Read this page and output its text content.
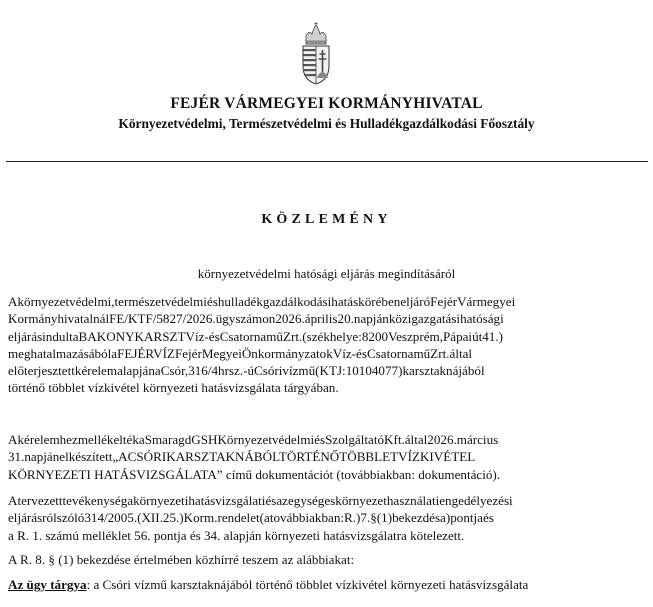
FEJÉR VÁRMEGYEI KORMÁNYHIVATAL
Környezetvédelmi, Természetvédelmi és Hulladékgazdálkodási Főosztály
KÖZLEMÉNY
környezetvédelmi hatósági eljárás megindításáról
Akörnyezetvédelmi,természetvédelmiéshulladékgazdálkodásihatáskörébeneljáróFejérVármegyei
KormányhivatalnálFE/KTF/5827/2026.ügyszámon2026.április20.napjánközigazgatásihatósági
eljárásindultaBAKONYKARSZTVíz-ésCsatornaműZrt.(székhelye:8200Veszprém,Pápaiút41.)
meghatalmazásábólaFEJÉRVÍZFejérMegyeiÖnkormányzatokVíz-ésCsatornaműZrt.által
előterjesztettkérelemalapjánaCsór,316/4hrsz.-úCsórivízmű(KTJ:10104077)karsztaknájából
történő többlet vízkivétel környezeti hatásvizsgálata tárgyában.
AkérelemhezmellékeltékaSmaragdGSHKörnyezetvédelmiésSzolgáltatóKft.által2026.március
31.napjánelkészített„ACSÓRIKARSZTAKNÁBÓLTÖRTÉNŐTÖBBLETVÍZKIVÉTEL
KÖRNYEZETI HATÁSVIZSGÁLATA” című dokumentációt (továbbiakban: dokumentáció).
Atervezetttevékenységakörnyezetihatásvizsgálatiésazegységeskörnyezethasználatiengedélyezési
eljárásrólszóló314/2005.(XII.25.)Korm.rendelet(atovábbiakban:R.)7.§(1)bekezdésa)pontjaés
a R. 1. számú melléklet 56. pontja és 34. alapján környezeti hatásvizsgálatra kötelezett.
A R. 8. § (1) bekezdése értelmében közhírré teszem az alábbiakat:
Az ügy tárgya: a Csóri vízmű karsztaknájából történő többlet vízkivétel környezeti hatásvizsgálata
